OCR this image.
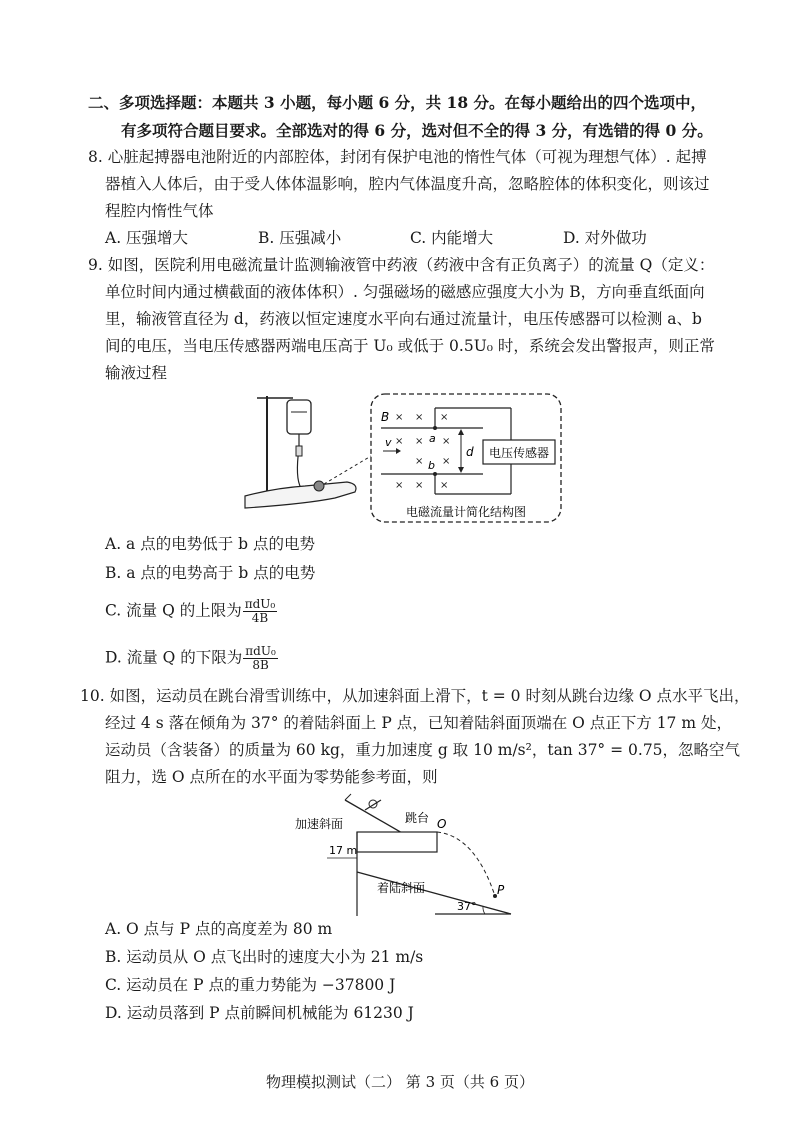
二、多项选择题：本题共 3 小题，每小题 6 分，共 18 分。在每小题给出的四个选项中，
有多项符合题目要求。全部选对的得 6 分，选对但不全的得 3 分，有选错的得 0 分。
8. 心脏起搏器电池附近的内部腔体，封闭有保护电池的惰性气体（可视为理想气体）. 起搏
器植入人体后，由于受人体体温影响，腔内气体温度升高，忽略腔体的体积变化，则该过
程腔内惰性气体
A. 压强增大	B. 压强减小	C. 内能增大	D. 对外做功
9. 如图，医院利用电磁流量计监测输液管中药液（药液中含有正负离子）的流量 Q（定义：
单位时间内通过横截面的液体体积）. 匀强磁场的磁感应强度大小为 B，方向垂直纸面向
里，输液管直径为 d，药液以恒定速度水平向右通过流量计，电压传感器可以检测 a、b
间的电压，当电压传感器两端电压高于 U₀ 或低于 0.5U₀ 时，系统会发出警报声，则正常
输液过程
电压传感器
d
a
b
B
v
× × ×
× × ×
× ×
× × ×
电磁流量计简化结构图
A. a 点的电势低于 b 点的电势
B. a 点的电势高于 b 点的电势
C. 流量 Q 的上限为 $\frac{\text{πdU₀}}{4B}$
D. 流量 Q 的下限为 $\frac{\text{πdU₀}}{8B}$
10. 如图，运动员在跳台滑雪训练中，从加速斜面上滑下，t = 0 时刻从跳台边缘 O 点水平飞出，
经过 4 s 落在倾角为 37° 的着陆斜面上 P 点，已知着陆斜面顶端在 O 点正下方 17 m 处，
运动员（含装备）的质量为 60 kg，重力加速度 g 取 10 m/s²，tan 37° = 0.75，忽略空气
阻力，选 O 点所在的水平面为零势能参考面，则
17 m
加速斜面	跳台 O
着陆斜面	P
37°
A. O 点与 P 点的高度差为 80 m
B. 运动员从 O 点飞出时的速度大小为 21 m/s
C. 运动员在 P 点的重力势能为 −37800 J
D. 运动员落到 P 点前瞬间机械能为 61230 J
物理模拟测试（二） 第 3 页（共 6 页）
